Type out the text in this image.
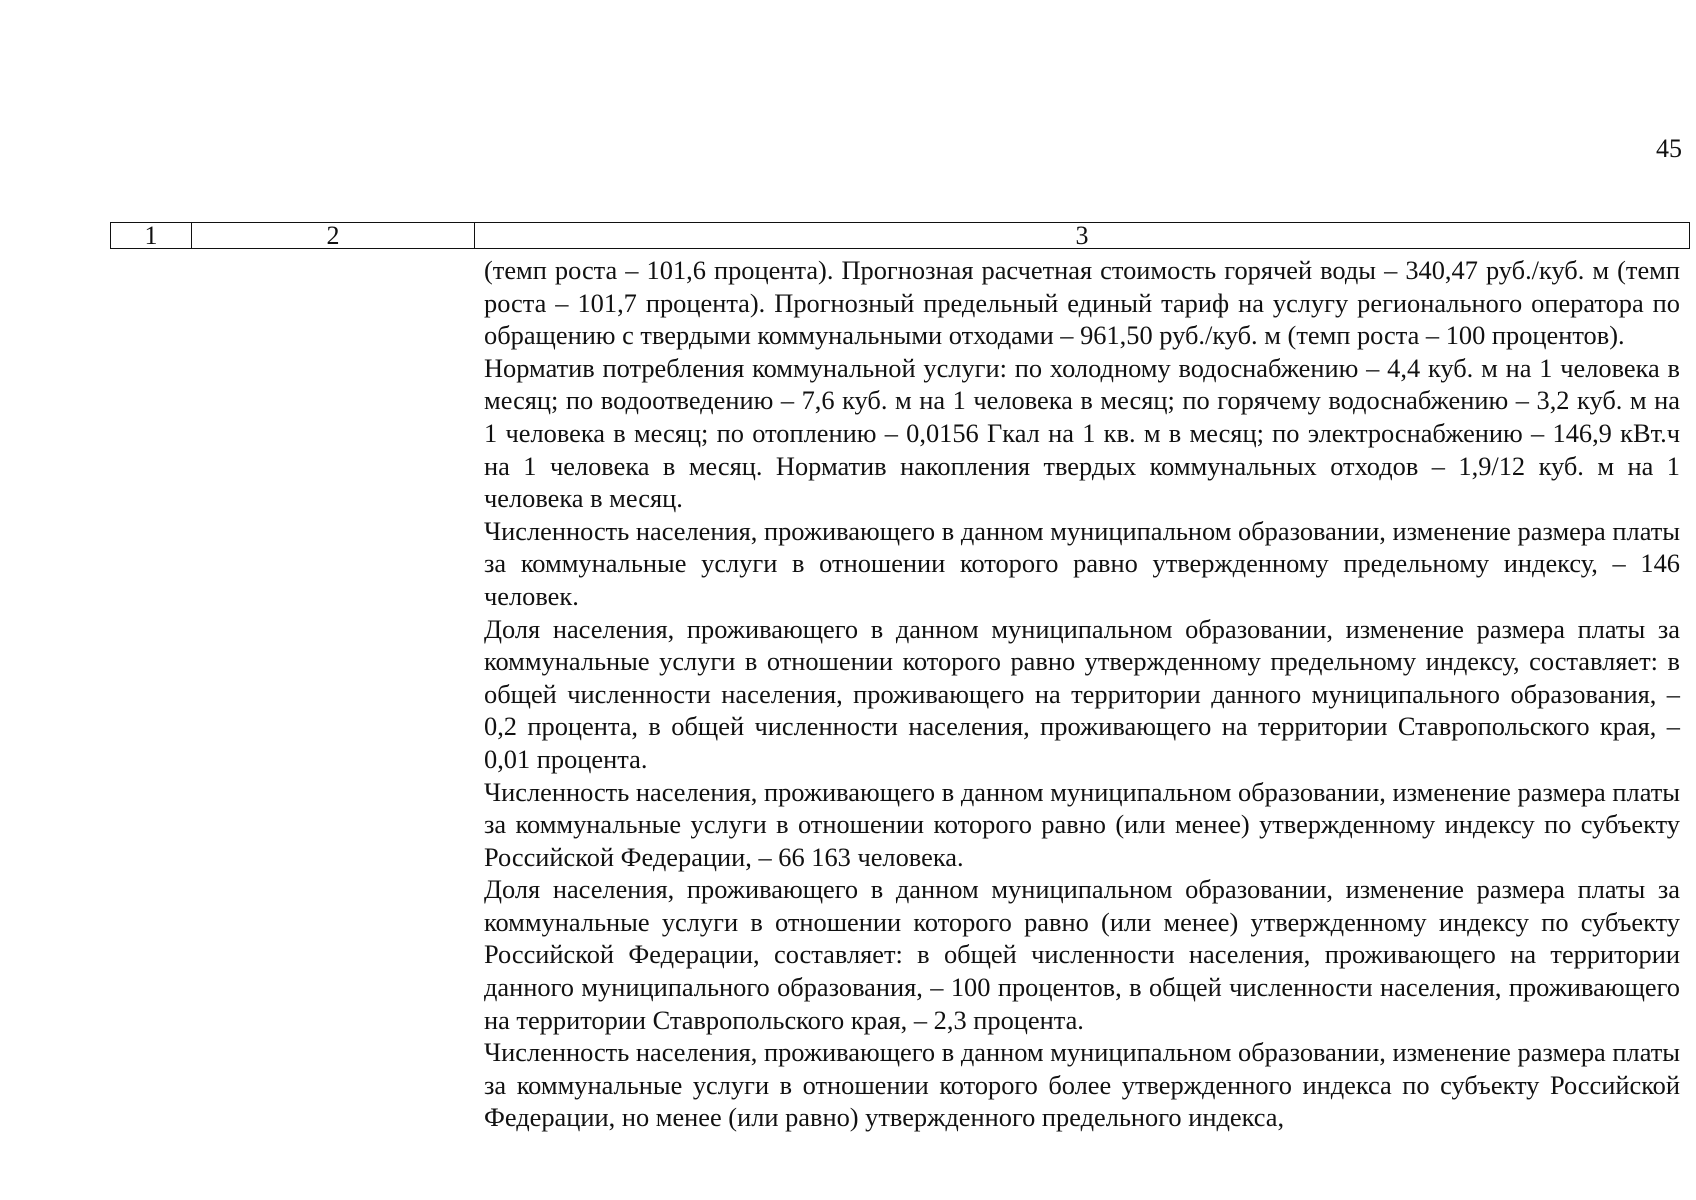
45
1	2	3

(темп роста – 101,6 процента). Прогнозная расчетная стоимость горячей воды – 340,47 руб./куб. м (темп роста – 101,7 процента). Прогнозный предельный единый тариф на услугу регионального оператора по обращению с твердыми коммунальными отходами – 961,50 руб./куб. м (темп роста – 100 процентов).

Норматив потребления коммунальной услуги: по холодному водоснабжению – 4,4 куб. м на 1 человека в месяц; по водоотведению – 7,6 куб. м на 1 человека в месяц; по горячему водоснабжению – 3,2 куб. м на 1 человека в месяц; по отоплению – 0,0156 Гкал на 1 кв. м в месяц; по электроснабжению – 146,9 кВт.ч на 1 человека в месяц. Норматив накопления твердых коммунальных отходов – 1,9/12 куб. м на 1 человека в месяц.

Численность населения, проживающего в данном муниципальном образовании, изменение размера платы за коммунальные услуги в отношении которого равно утвержденному предельному индексу, – 146 человек.

Доля населения, проживающего в данном муниципальном образовании, изменение размера платы за коммунальные услуги в отношении которого равно утвержденному предельному индексу, составляет: в общей численности населения, проживающего на территории данного муниципального образования, – 0,2 процента, в общей численности населения, проживающего на территории Ставропольского края, – 0,01 процента.

Численность населения, проживающего в данном муниципальном образовании, изменение размера платы за коммунальные услуги в отношении которого равно (или менее) утвержденному индексу по субъекту Российской Федерации, – 66 163 человека.

Доля населения, проживающего в данном муниципальном образовании, изменение размера платы за коммунальные услуги в отношении которого равно (или менее) утвержденному индексу по субъекту Российской Федерации, составляет: в общей численности населения, проживающего на территории данного муниципального образования, – 100 процентов, в общей численности населения, проживающего на территории Ставропольского края, – 2,3 процента.

Численность населения, проживающего в данном муниципальном образовании, изменение размера платы за коммунальные услуги в отношении которого более утвержденного индекса по субъекту Российской Федерации, но менее (или равно) утвержденного предельного индекса,
